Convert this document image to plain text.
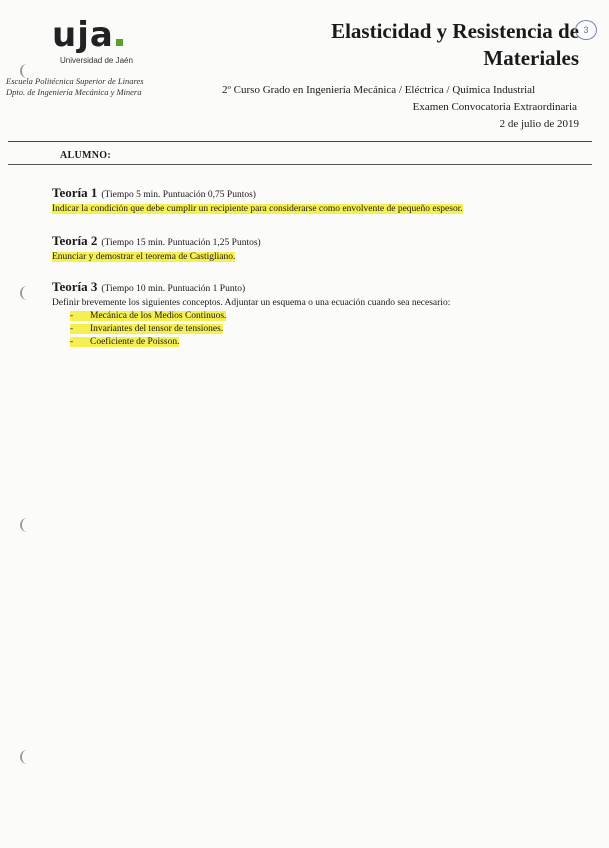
uja
Universidad de Jaén
Escuela Politécnica Superior de Linares
Dpto. de Ingeniería Mecánica y Minera
Elasticidad y Resistencia de
Materiales
3
2º Curso Grado en Ingeniería Mecánica / Eléctrica / Química Industrial
Examen Convocatoria Extraordinaria
2 de julio de 2019
ALUMNO:
Teoría 1 (Tiempo 5 min. Puntuación 0,75 Puntos)
Indicar la condición que debe cumplir un recipiente para considerarse como envolvente de pequeño espesor.
Teoría 2 (Tiempo 15 min. Puntuación 1,25 Puntos)
Enunciar y demostrar el teorema de Castigliano.
Teoría 3 (Tiempo 10 min. Puntuación 1 Punto)
Definir brevemente los siguientes conceptos. Adjuntar un esquema o una ecuación cuando sea necesario:
- Mecánica de los Medios Continuos.
- Invariantes del tensor de tensiones.
- Coeficiente de Poisson.
